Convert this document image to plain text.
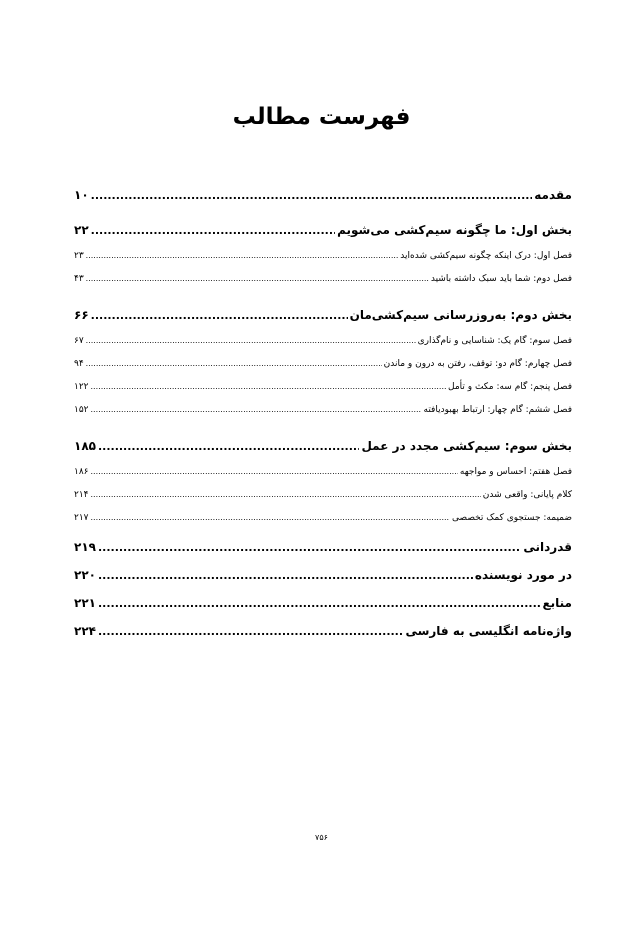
فهرست مطالب
مقدمه
.....
۱۰
بخش اول: ما چگونه سیم‌کشی می‌شویم
.....
۲۲
فصل اول: درک اینکه چگونه سیم‌کشی شده‌اید
.....
۲۳
فصل دوم: شما باید سبک داشته باشید
.....
۴۳
بخش دوم: به‌روزرسانی سیم‌کشی‌مان
.....
۶۶
فصل سوم: گام یک: شناسایی و نام‌گذاری
.....
۶۷
فصل چهارم: گام دو: توقف، رفتن به درون و ماندن
.....
۹۴
فصل پنجم: گام سه: مکث و تأمل
.....
۱۲۲
فصل ششم: گام چهار: ارتباط بهبودیافته
.....
۱۵۲
بخش سوم: سیم‌کشی مجدد در عمل
.....
۱۸۵
فصل هفتم: احساس و مواجهه
.....
۱۸۶
کلام پایانی: واقعی شدن
.....
۲۱۴
ضمیمه: جستجوی کمک تخصصی
.....
۲۱۷
قدردانی
.....
۲۱۹
در مورد نویسنده
.....
۲۲۰
منابع
.....
۲۲۱
واژه‌نامه انگلیسی به فارسی
.....
۲۲۴
۷۵۶
